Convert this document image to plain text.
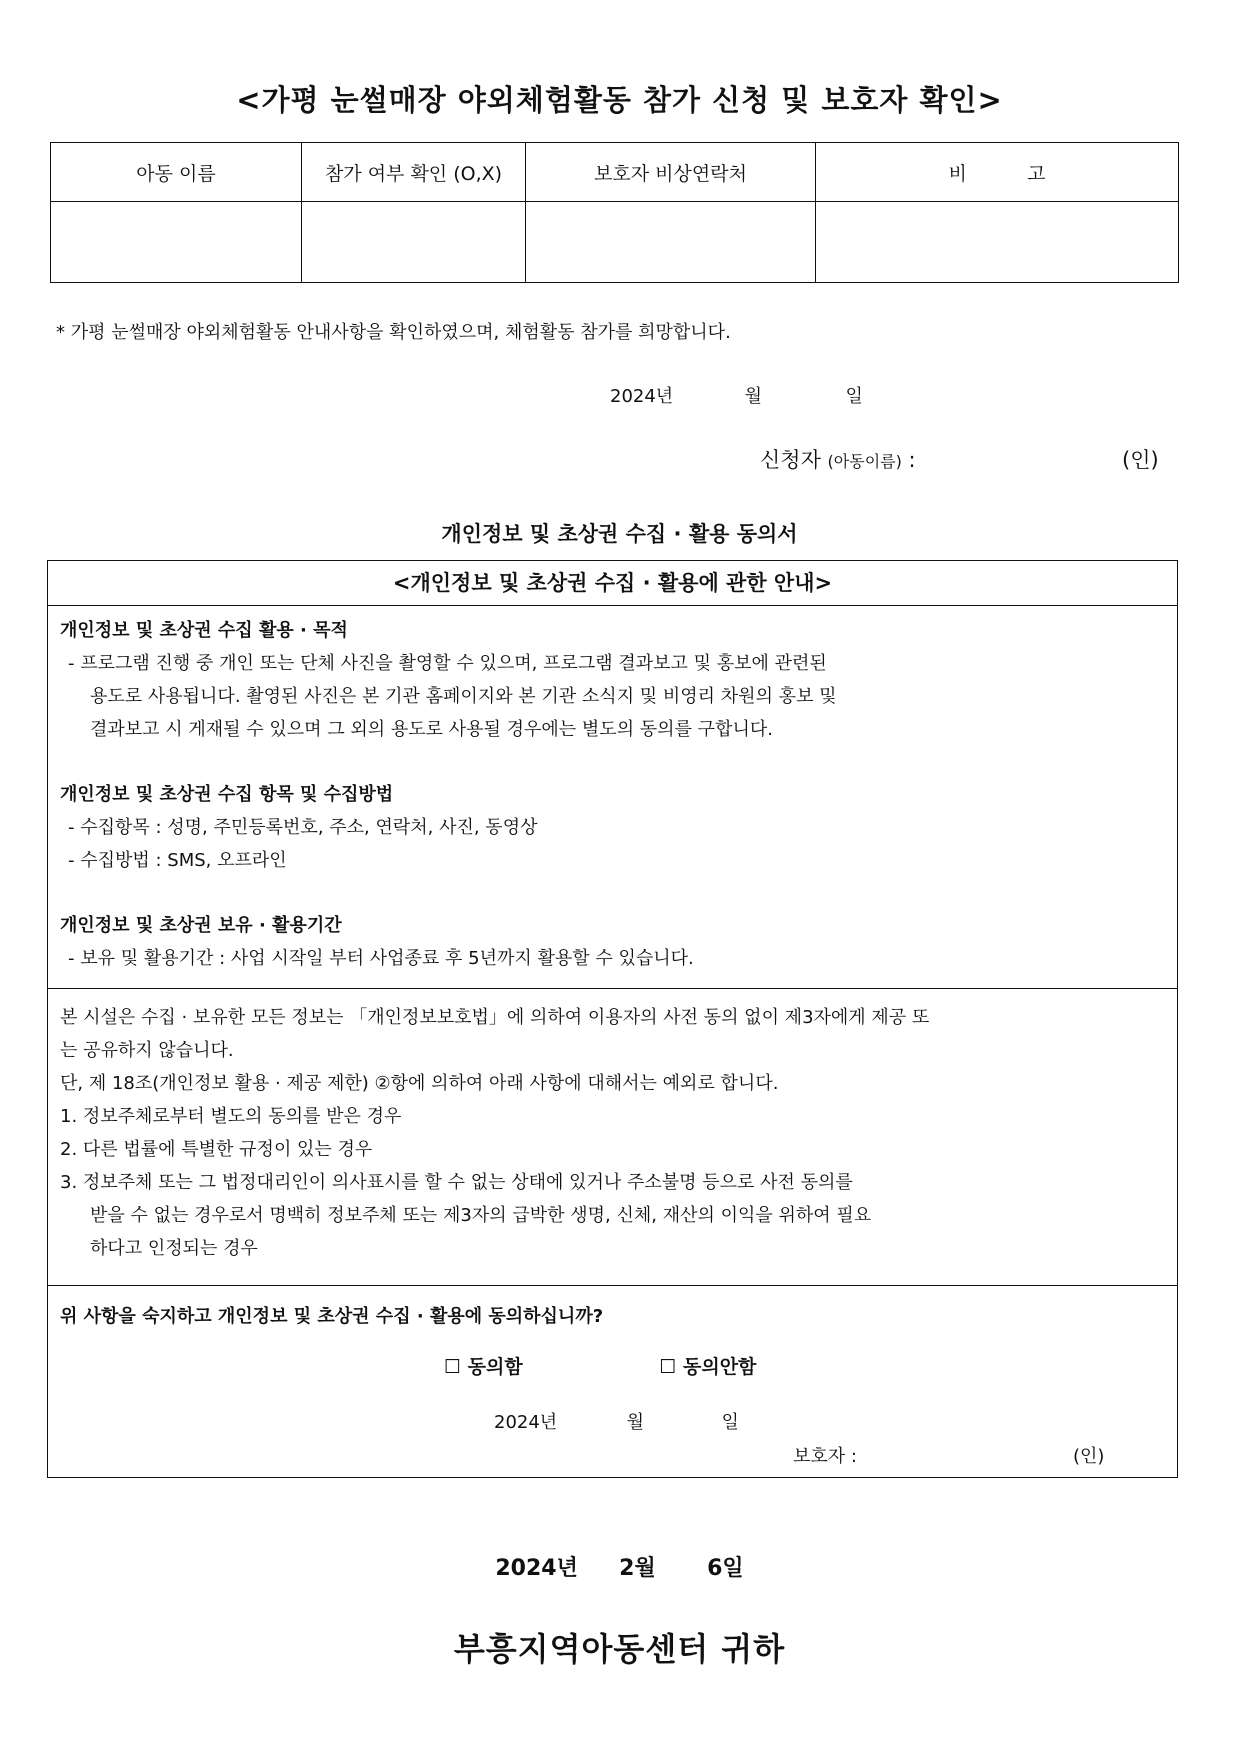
<가평 눈썰매장 야외체험활동 참가 신청 및 보호자 확인>
아동 이름	참가 여부 확인 (O,X)	보호자 비상연락처	비          고

* 가평 눈썰매장 야외체험활동 안내사항을 확인하였으며, 체험활동 참가를 희망합니다.
2024년	월	일
신청자 (아동이름) :	(인)
개인정보 및 초상권 수집 · 활용 동의서
<개인정보 및 초상권 수집 · 활용에 관한 안내>
개인정보 및 초상권 수집 활용 · 목적
- 프로그램 진행 중 개인 또는 단체 사진을 촬영할 수 있으며, 프로그램 결과보고 및 홍보에 관련된
용도로 사용됩니다. 촬영된 사진은 본 기관 홈페이지와 본 기관 소식지 및 비영리 차원의 홍보 및
결과보고 시 게재될 수 있으며 그 외의 용도로 사용될 경우에는 별도의 동의를 구합니다.
개인정보 및 초상권 수집 항목 및 수집방법
- 수집항목 : 성명, 주민등록번호, 주소, 연락처, 사진, 동영상
- 수집방법 : SMS, 오프라인
개인정보 및 초상권 보유 · 활용기간
- 보유 및 활용기간 : 사업 시작일 부터 사업종료 후 5년까지 활용할 수 있습니다.
본 시설은 수집 · 보유한 모든 정보는 「개인정보보호법」에 의하여 이용자의 사전 동의 없이 제3자에게 제공 또
는 공유하지 않습니다.
단, 제 18조(개인정보 활용 · 제공 제한) ②항에 의하여 아래 사항에 대해서는 예외로 합니다.
1. 정보주체로부터 별도의 동의를 받은 경우
2. 다른 법률에 특별한 규정이 있는 경우
3. 정보주체 또는 그 법정대리인이 의사표시를 할 수 없는 상태에 있거나 주소불명 등으로 사전 동의를
받을 수 없는 경우로서 명백히 정보주체 또는 제3자의 급박한 생명, 신체, 재산의 이익을 위하여 필요
하다고 인정되는 경우
위 사항을 숙지하고 개인정보 및 초상권 수집 · 활용에 동의하십니까?
☐ 동의함	☐ 동의안함
2024년	월	일
보호자 :	(인)
2024년 2월 6일
부흥지역아동센터 귀하
